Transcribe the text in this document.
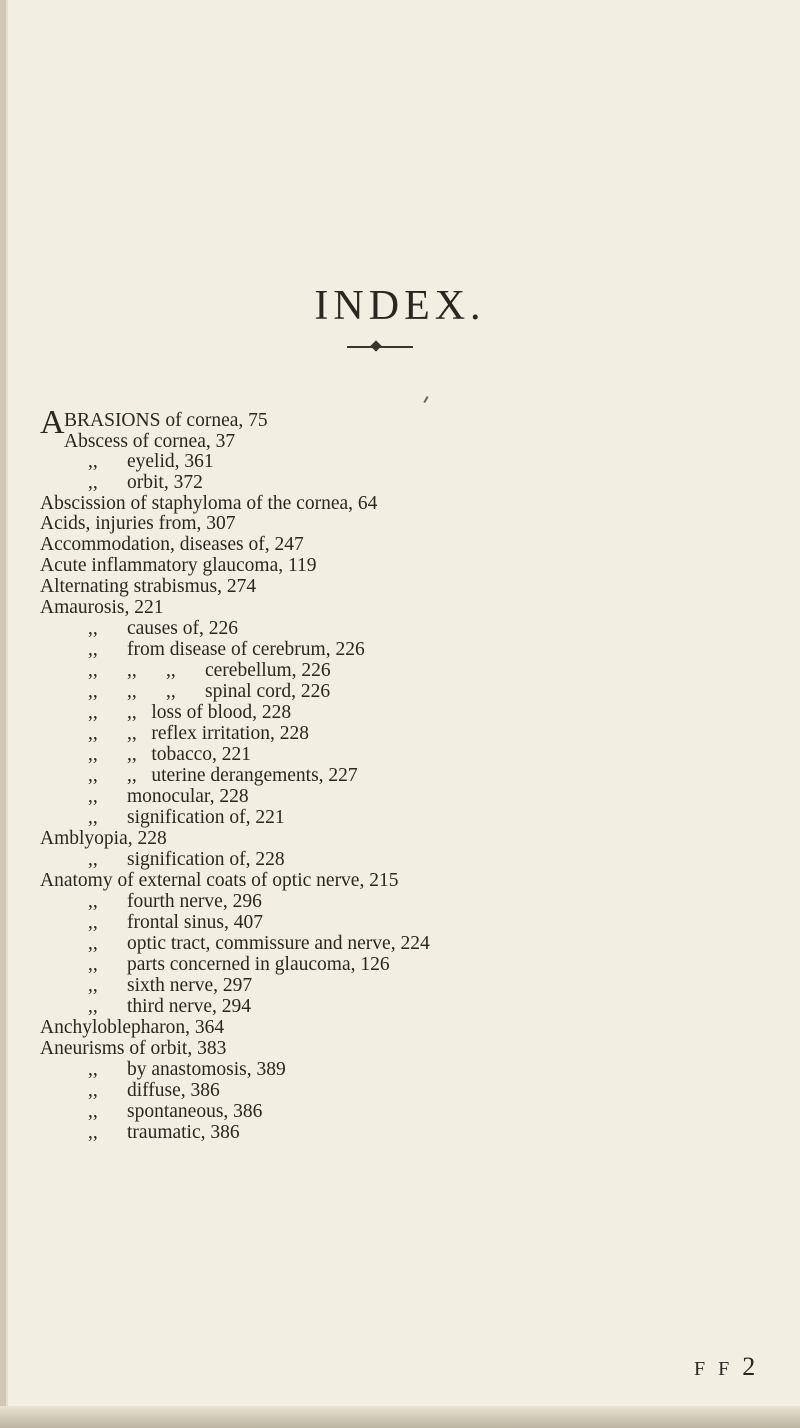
INDEX.
A BRASIONS of cornea, 75
Abscess of cornea, 37
,,      eyelid, 361
,,      orbit, 372
Abscission of staphyloma of the cornea, 64
Acids, injuries from, 307
Accommodation, diseases of, 247
Acute inflammatory glaucoma, 119
Alternating strabismus, 274
Amaurosis, 221
,,      causes of, 226
,,      from disease of cerebrum, 226
,,      ,,      ,,      cerebellum, 226
,,      ,,      ,,      spinal cord, 226
,,      ,,   loss of blood, 228
,,      ,,   reflex irritation, 228
,,      ,,   tobacco, 221
,,      ,,   uterine derangements, 227
,,      monocular, 228
,,      signification of, 221
Amblyopia, 228
,,      signification of, 228
Anatomy of external coats of optic nerve, 215
,,      fourth nerve, 296
,,      frontal sinus, 407
,,      optic tract, commissure and nerve, 224
,,      parts concerned in glaucoma, 126
,,      sixth nerve, 297
,,      third nerve, 294
Anchyloblepharon, 364
Aneurisms of orbit, 383
,,      by anastomosis, 389
,,      diffuse, 386
,,      spontaneous, 386
,,      traumatic, 386
F F 2
